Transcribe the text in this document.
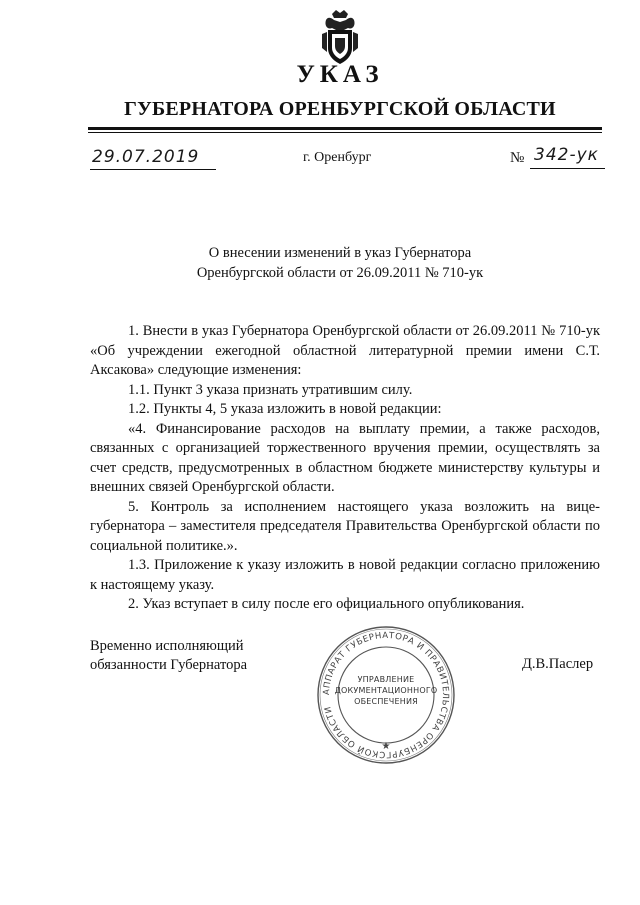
УКАЗ
ГУБЕРНАТОРА ОРЕНБУРГСКОЙ ОБЛАСТИ
29.07.2019	г. Оренбург	№ 342-ук
О внесении изменений в указ Губернатора
Оренбургской области от 26.09.2011 № 710-ук

1. Внести в указ Губернатора Оренбургской области от 26.09.2011 № 710-ук «Об учреждении ежегодной областной литературной премии имени С.Т. Аксакова» следующие изменения:

1.1. Пункт 3 указа признать утратившим силу.

1.2. Пункты 4, 5 указа изложить в новой редакции:

«4. Финансирование расходов на выплату премии, а также расходов, связанных с организацией торжественного вручения премии, осуществлять за счет средств, предусмотренных в областном бюджете министерству культуры и внешних связей Оренбургской области.

5. Контроль за исполнением настоящего указа возложить на вице-губернатора – заместителя председателя Правительства Оренбургской области по социальной политике.».

1.3. Приложение к указу изложить в новой редакции согласно приложению к настоящему указу.

2. Указ вступает в силу после его официального опубликования.

Временно исполняющий
обязанности Губернатора
АППАРАТ ГУБЕРНАТОРА И ПРАВИТЕЛЬСТВА ОРЕНБУРГСКОЙ ОБЛАСТИ
★
УПРАВЛЕНИЕ
ДОКУМЕНТАЦИОННОГО
ОБЕСПЕЧЕНИЯ
Д.В.Паслер
